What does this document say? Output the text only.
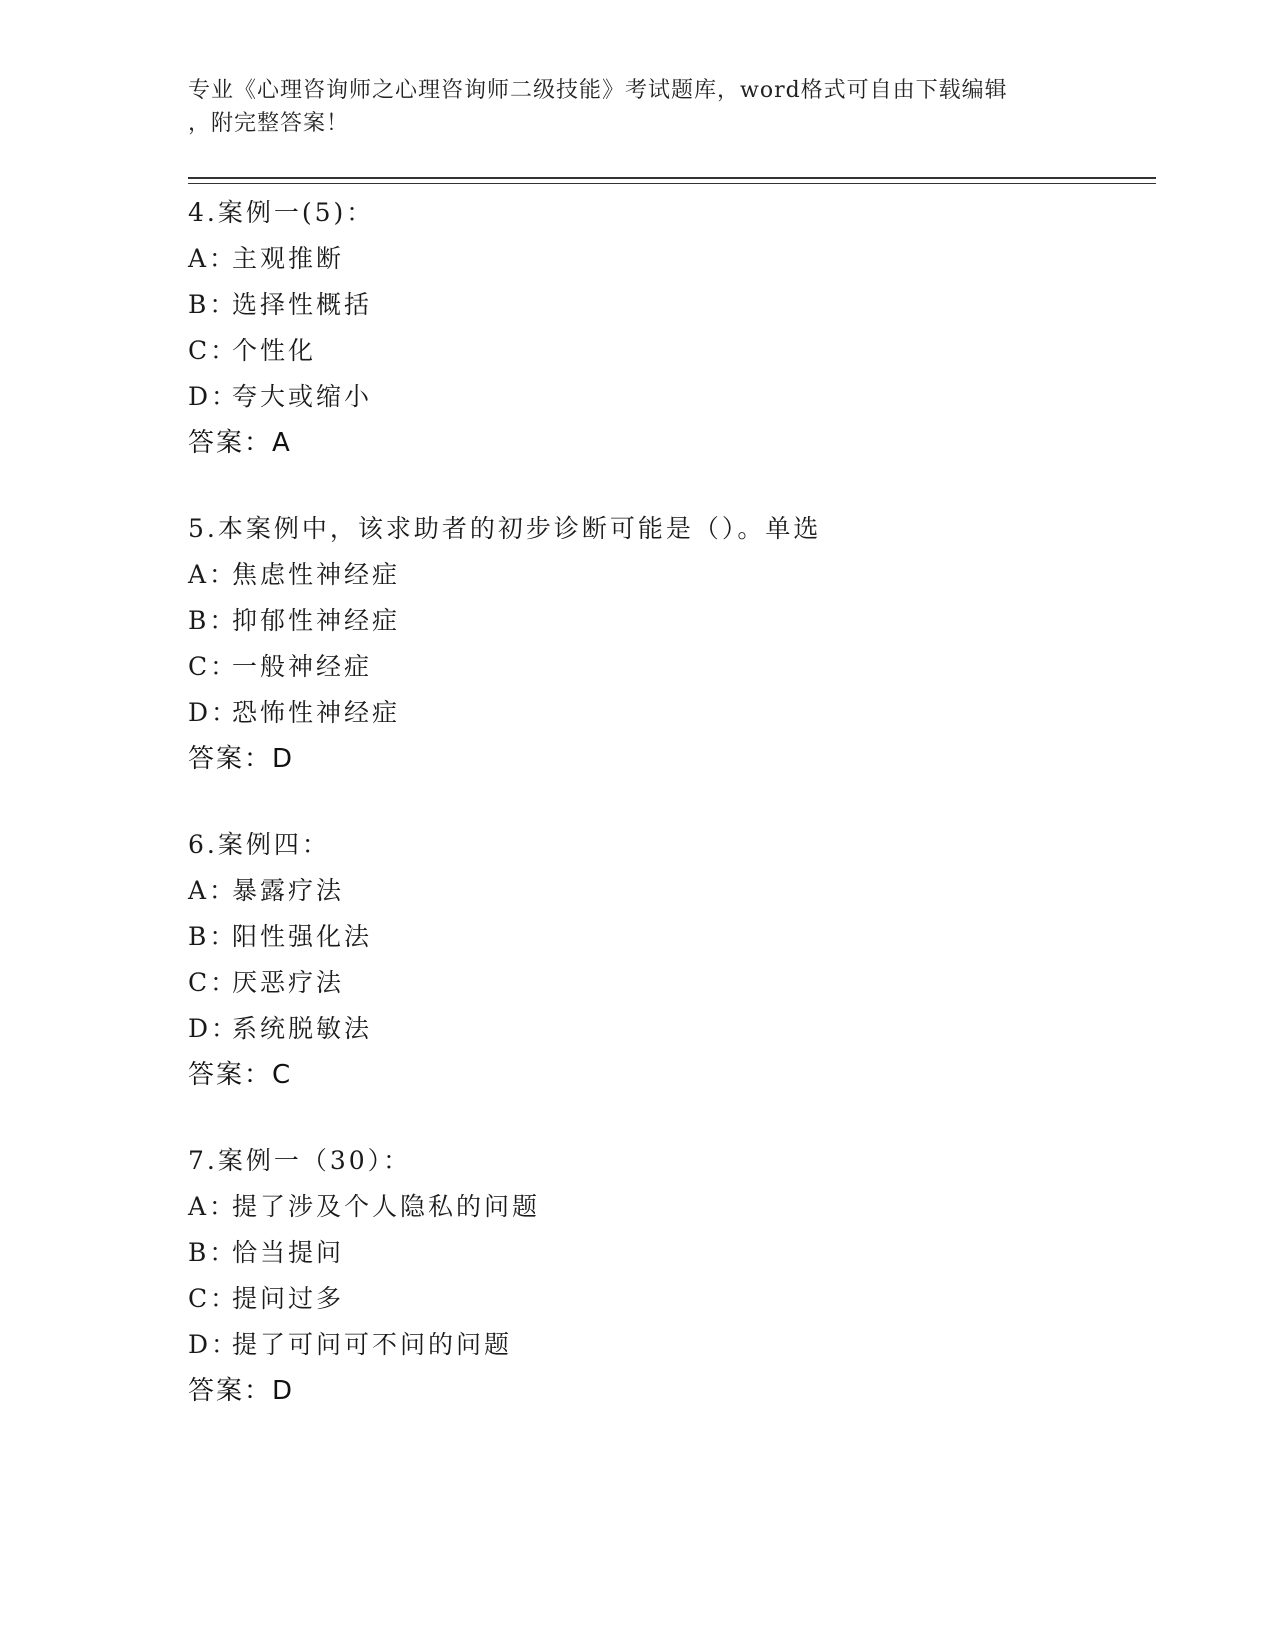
专业《心理咨询师之心理咨询师二级技能》考试题库，word格式可自由下载编辑
，附完整答案！
4.案例一(5)：
A：主观推断
B：选择性概括
C：个性化
D：夸大或缩小
答案：A
5.本案例中，该求助者的初步诊断可能是（）。单选
A：焦虑性神经症
B：抑郁性神经症
C：一般神经症
D：恐怖性神经症
答案：D
6.案例四：
A：暴露疗法
B：阳性强化法
C：厌恶疗法
D：系统脱敏法
答案：C
7.案例一（30）：
A：提了涉及个人隐私的问题
B：恰当提问
C：提问过多
D：提了可问可不问的问题
答案：D
